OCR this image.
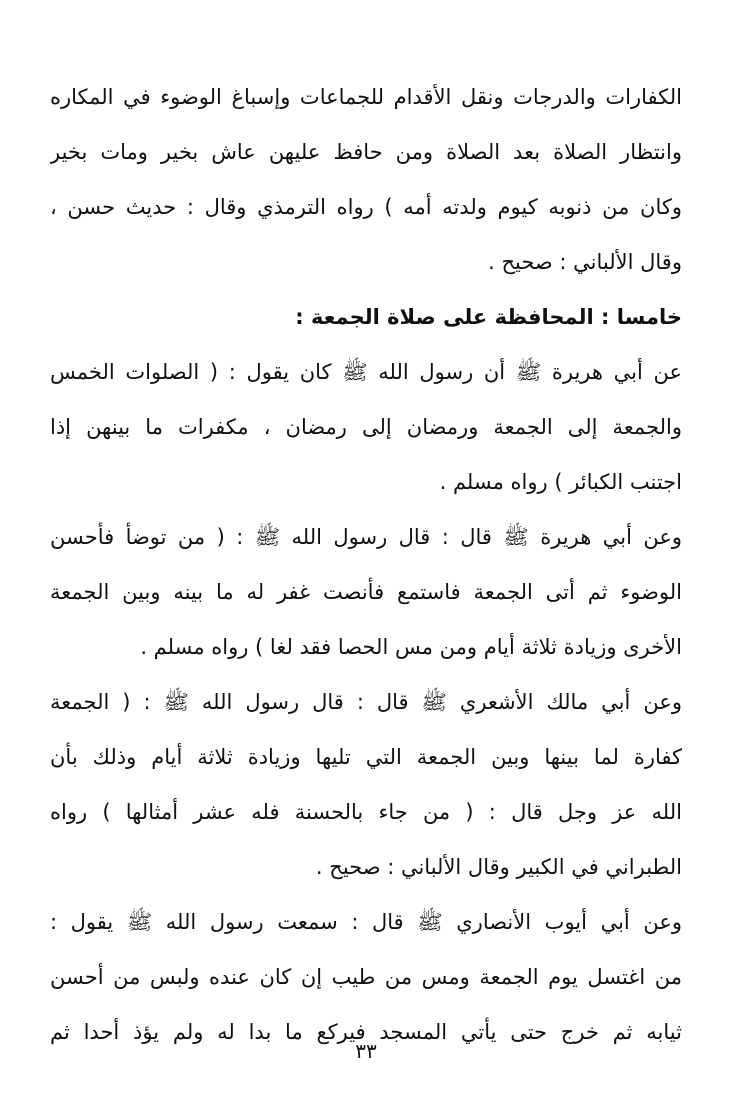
الكفارات والدرجات ونقل الأقدام للجماعات وإسباغ الوضوء في المكاره
وانتظار الصلاة بعد الصلاة ومن حافظ عليهن عاش بخير ومات بخير
وكان من ذنوبه كيوم ولدته أمه ) رواه الترمذي وقال : حديث حسن ،
وقال الألباني : صحيح .
خامسا : المحافظة على صلاة الجمعة :
عن أبي هريرة ﷺ أن رسول الله ﷺ كان يقول : ( الصلوات الخمس
والجمعة إلى الجمعة ورمضان إلى رمضان ، مكفرات ما بينهن إذا
اجتنب الكبائر ) رواه مسلم .
وعن أبي هريرة ﷺ قال : قال رسول الله ﷺ : ( من توضأ فأحسن
الوضوء ثم أتى الجمعة فاستمع فأنصت غفر له ما بينه وبين الجمعة
الأخرى وزيادة ثلاثة أيام ومن مس الحصا فقد لغا ) رواه مسلم .
وعن أبي مالك الأشعري ﷺ قال : قال رسول الله ﷺ : ( الجمعة
كفارة لما بينها وبين الجمعة التي تليها وزيادة ثلاثة أيام وذلك بأن
الله عز وجل قال : ( من جاء بالحسنة فله عشر أمثالها ) رواه
الطبراني في الكبير وقال الألباني : صحيح .
وعن أبي أيوب الأنصاري ﷺ قال : سمعت رسول الله ﷺ يقول :
من اغتسل يوم الجمعة ومس من طيب إن كان عنده ولبس من أحسن
ثيابه ثم خرج حتى يأتي المسجد فيركع ما بدا له ولم يؤذ أحدا ثم
٣٣
